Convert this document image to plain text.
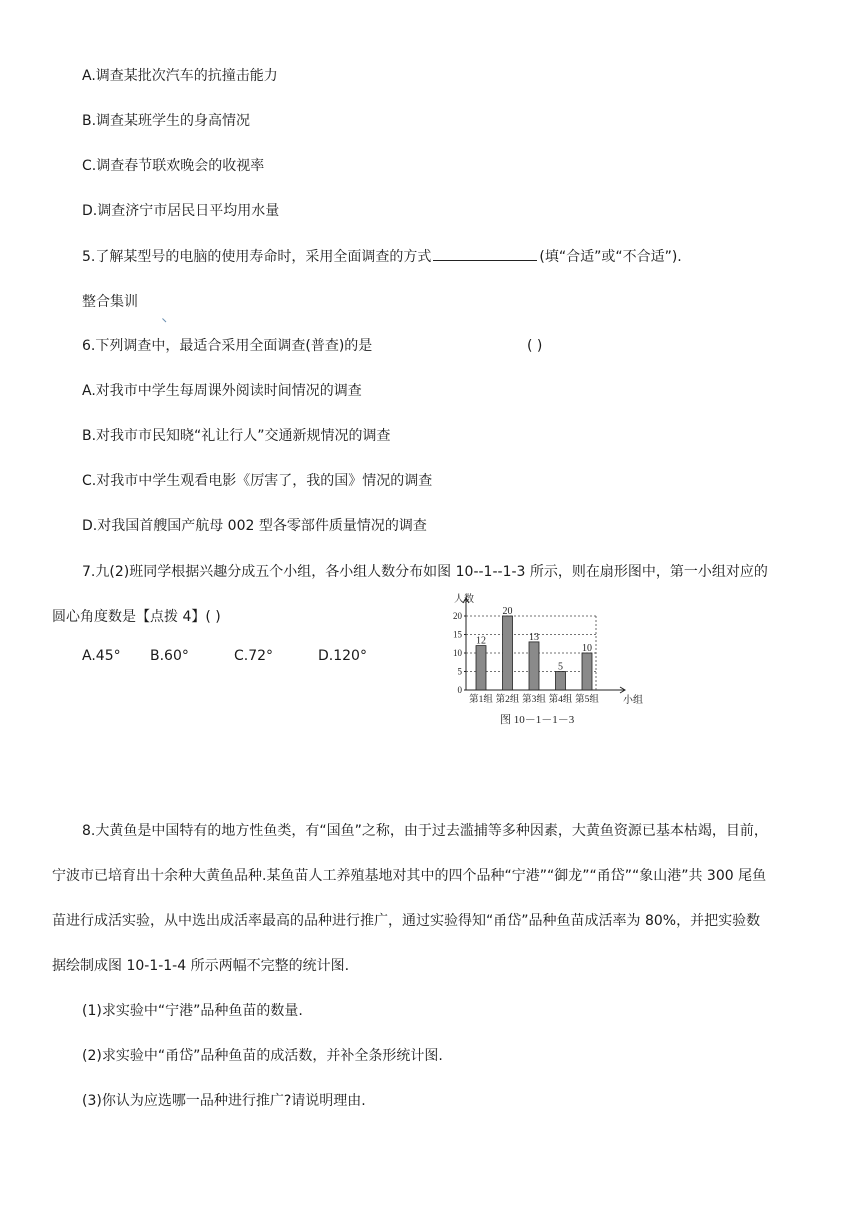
A.调查某批次汽车的抗撞击能力
B.调查某班学生的身高情况
C.调查春节联欢晚会的收视率
D.调查济宁市居民日平均用水量
5.了解某型号的电脑的使用寿命时，采用全面调查的方式	(填“合适”或“不合适”).
整合集训
6.下列调查中，最适合采用全面调查(普查)的是	( )
A.对我市中学生每周课外阅读时间情况的调查
B.对我市市民知晓“礼让行人”交通新规情况的调查
C.对我市中学生观看电影《厉害了，我的国》情况的调查
D.对我国首艘国产航母 002 型各零部件质量情况的调查
7.九(2)班同学根据兴趣分成五个小组，各小组人数分布如图 10--1--1-3 所示，则在扇形图中，第一小组对应的
圆心角度数是【点拨 4】( )
A.45° B.60°	C.72°	D.120°
人数
小组
0
5
10
15
20
12
第1组
20
第2组
13
第3组
5
第4组
10
第5组
图 10－1－1－3
8.大黄鱼是中国特有的地方性鱼类，有“国鱼”之称，由于过去滥捕等多种因素，大黄鱼资源已基本枯竭，目前，
宁波市已培育出十余种大黄鱼品种.某鱼苗人工养殖基地对其中的四个品种“宁港”“御龙”“甬岱”“象山港”共 300 尾鱼
苗进行成活实验，从中选出成活率最高的品种进行推广，通过实验得知“甬岱”品种鱼苗成活率为 80%，并把实验数
据绘制成图 10-1-1-4 所示两幅不完整的统计图.
(1)求实验中“宁港”品种鱼苗的数量.
(2)求实验中“甬岱”品种鱼苗的成活数，并补全条形统计图.
(3)你认为应选哪一品种进行推广?请说明理由.
